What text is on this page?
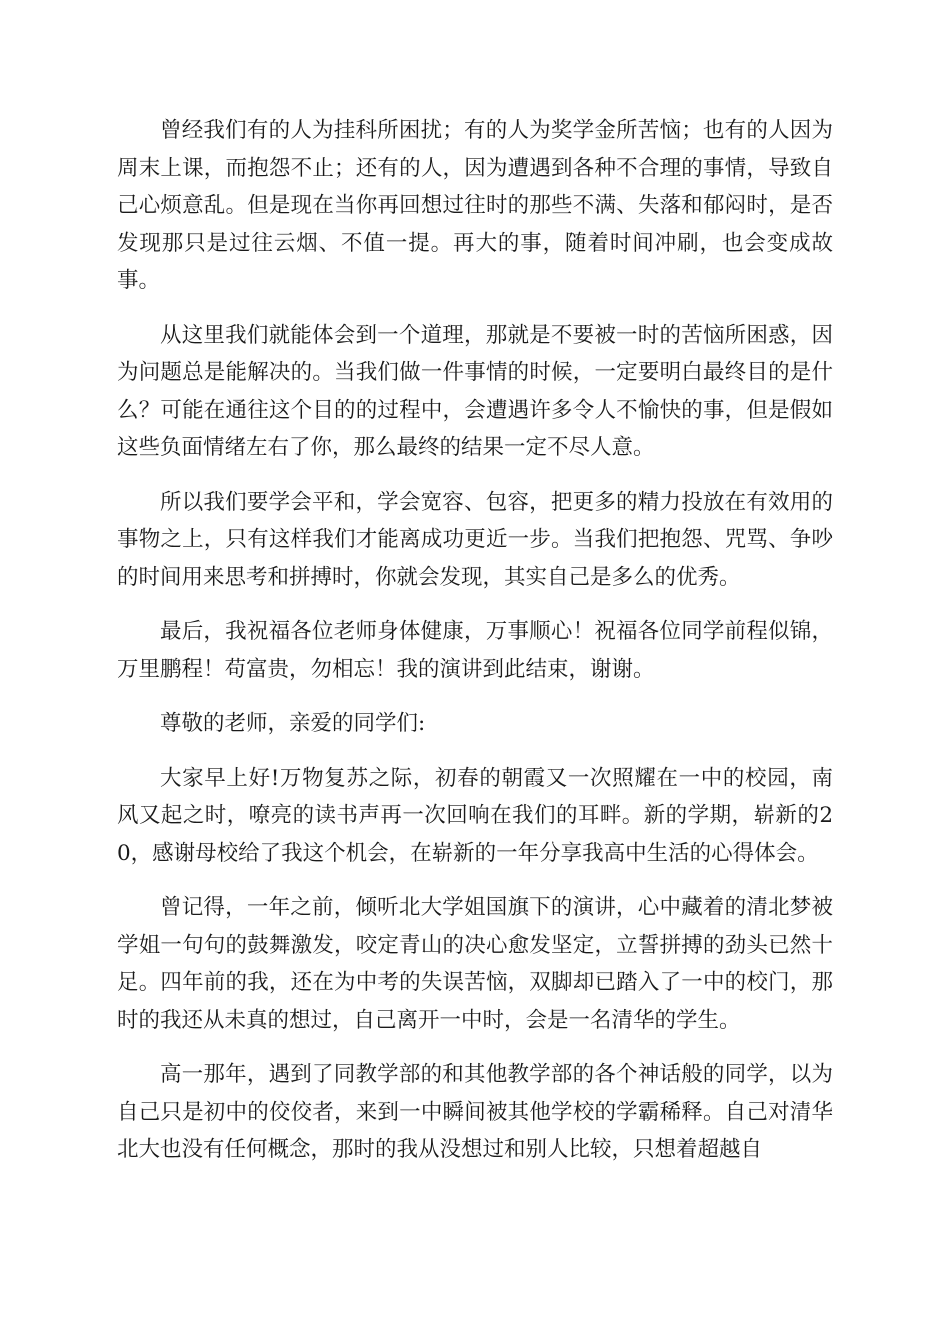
曾经我们有的人为挂科所困扰；有的人为奖学金所苦恼；也有的人因为周末上课，而抱怨不止；还有的人，因为遭遇到各种不合理的事情，导致自己心烦意乱。但是现在当你再回想过往时的那些不满、失落和郁闷时，是否发现那只是过往云烟、不值一提。再大的事，随着时间冲刷，也会变成故事。

从这里我们就能体会到一个道理，那就是不要被一时的苦恼所困惑，因为问题总是能解决的。当我们做一件事情的时候，一定要明白最终目的是什么？可能在通往这个目的的过程中，会遭遇许多令人不愉快的事，但是假如这些负面情绪左右了你，那么最终的结果一定不尽人意。

所以我们要学会平和，学会宽容、包容，把更多的精力投放在有效用的事物之上，只有这样我们才能离成功更近一步。当我们把抱怨、咒骂、争吵的时间用来思考和拼搏时，你就会发现，其实自己是多么的优秀。

最后，我祝福各位老师身体健康，万事顺心！祝福各位同学前程似锦，万里鹏程！苟富贵，勿相忘！我的演讲到此结束，谢谢。

尊敬的老师，亲爱的同学们:

大家早上好!万物复苏之际，初春的朝霞又一次照耀在一中的校园，南风又起之时，嘹亮的读书声再一次回响在我们的耳畔。新的学期，崭新的20，感谢母校给了我这个机会，在崭新的一年分享我高中生活的心得体会。

曾记得，一年之前，倾听北大学姐国旗下的演讲，心中藏着的清北梦被学姐一句句的鼓舞激发，咬定青山的决心愈发坚定，立誓拼搏的劲头已然十足。四年前的我，还在为中考的失误苦恼，双脚却已踏入了一中的校门，那时的我还从未真的想过，自己离开一中时，会是一名清华的学生。

高一那年，遇到了同教学部的和其他教学部的各个神话般的同学，以为自己只是初中的佼佼者，来到一中瞬间被其他学校的学霸稀释。自己对清华北大也没有任何概念，那时的我从没想过和别人比较，只想着超越自
